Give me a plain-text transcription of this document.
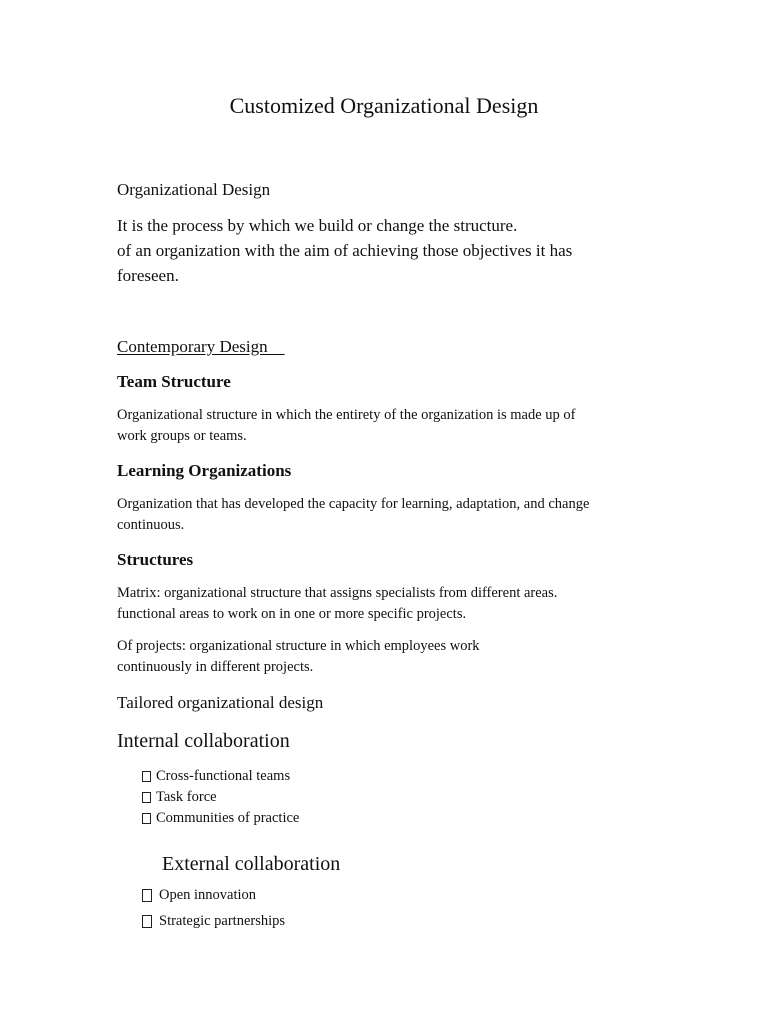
Customized Organizational Design
Organizational Design
It is the process by which we build or change the structure.
of an organization with the aim of achieving those objectives it has
foreseen.
Contemporary Design
Team Structure
Organizational structure in which the entirety of the organization is made up of
work groups or teams.
Learning Organizations
Organization that has developed the capacity for learning, adaptation, and change
continuous.
Structures
Matrix: organizational structure that assigns specialists from different areas.
functional areas to work on in one or more specific projects.
Of projects: organizational structure in which employees work
continuously in different projects.
Tailored organizational design
Internal collaboration
Cross-functional teams
Task force
Communities of practice
External collaboration
Open innovation
Strategic partnerships
